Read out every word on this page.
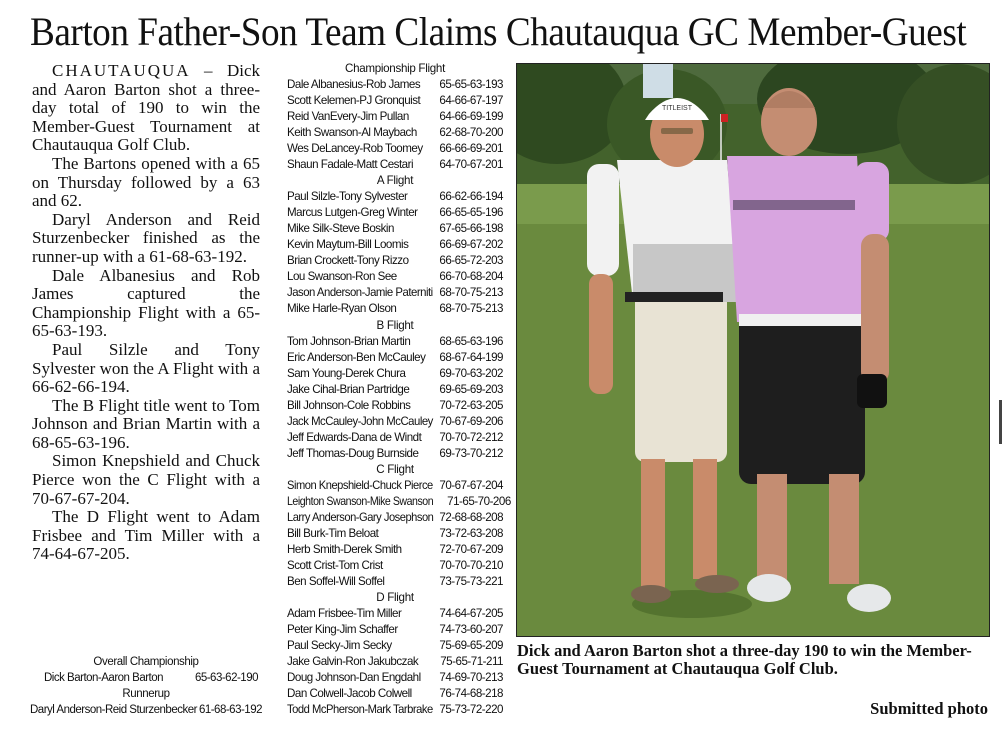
Barton Father-Son Team Claims Chautauqua GC Member-Guest

CHAUTAUQUA – Dick and Aaron Barton shot a three-day total of 190 to win the Member-Guest Tournament at Chautauqua Golf Club.

The Bartons opened with a 65 on Thursday followed by a 63 and 62.

Daryl Anderson and Reid Sturzenbecker finished as the runner-up with a 61-68-63-192.

Dale Albanesius and Rob James captured the Championship Flight with a 65-65-63-193.

Paul Silzle and Tony Sylvester won the A Flight with a 66-62-66-194.

The B Flight title went to Tom Johnson and Brian Martin with a 68-65-63-196.

Simon Knepshield and Chuck Pierce won the C Flight with a 70-67-67-204.

The D Flight went to Adam Frisbee and Tim Miller with a 74-64-67-205.

Overall Championship
Dick Barton-Aaron Barton	65-63-62-190
Runnerup
Daryl Anderson-Reid Sturzenbecker 61-68-63-192
Championship Flight
Dale Albanesius-Rob James 65-65-63-193
Scott Kelemen-PJ Gronquist 64-66-67-197
Reid VanEvery-Jim Pullan	64-66-69-199
Keith Swanson-Al Maybach 62-68-70-200
Wes DeLancey-Rob Toomey 66-66-69-201
Shaun Fadale-Matt Cestari 64-70-67-201
A Flight
Paul Silzle-Tony Sylvester	66-62-66-194
Marcus Lutgen-Greg Winter 66-65-65-196
Mike Silk-Steve Boskin	67-65-66-198
Kevin Maytum-Bill Loomis	66-69-67-202
Brian Crockett-Tony Rizzo	66-65-72-203
Lou Swanson-Ron See	66-70-68-204
Jason Anderson-Jamie Paterniti 68-70-75-213
Mike Harle-Ryan Olson	68-70-75-213
B Flight
Tom Johnson-Brian Martin	68-65-63-196
Eric Anderson-Ben McCauley 68-67-64-199
Sam Young-Derek Chura	69-70-63-202
Jake Cihal-Brian Partridge	69-65-69-203
Bill Johnson-Cole Robbins 70-72-63-205
Jack McCauley-John McCauley 70-67-69-206
Jeff Edwards-Dana de Windt 70-70-72-212
Jeff Thomas-Doug Burnside 69-73-70-212
C Flight
Simon Knepshield-Chuck Pierce 70-67-67-204
Leighton Swanson-Mike Swanson 71-65-70-206
Larry Anderson-Gary Josephson 72-68-68-208
Bill Burk-Tim Beloat	73-72-63-208
Herb Smith-Derek Smith	72-70-67-209
Scott Crist-Tom Crist	70-70-70-210
Ben Soffel-Will Soffel	73-75-73-221
D Flight
Adam Frisbee-Tim Miller	74-64-67-205
Peter King-Jim Schaffer	74-73-60-207
Paul Secky-Jim Secky	75-69-65-209
Jake Galvin-Ron Jakubczak 75-65-71-211
Doug Johnson-Dan Engdahl 74-69-70-213
Dan Colwell-Jacob Colwell 76-74-68-218
Todd McPherson-Mark Tarbrake 75-73-72-220
TITLEIST
Dick and Aaron Barton shot a three-day 190 to win the Member-Guest Tournament at Chautauqua Golf Club.
Submitted photo
